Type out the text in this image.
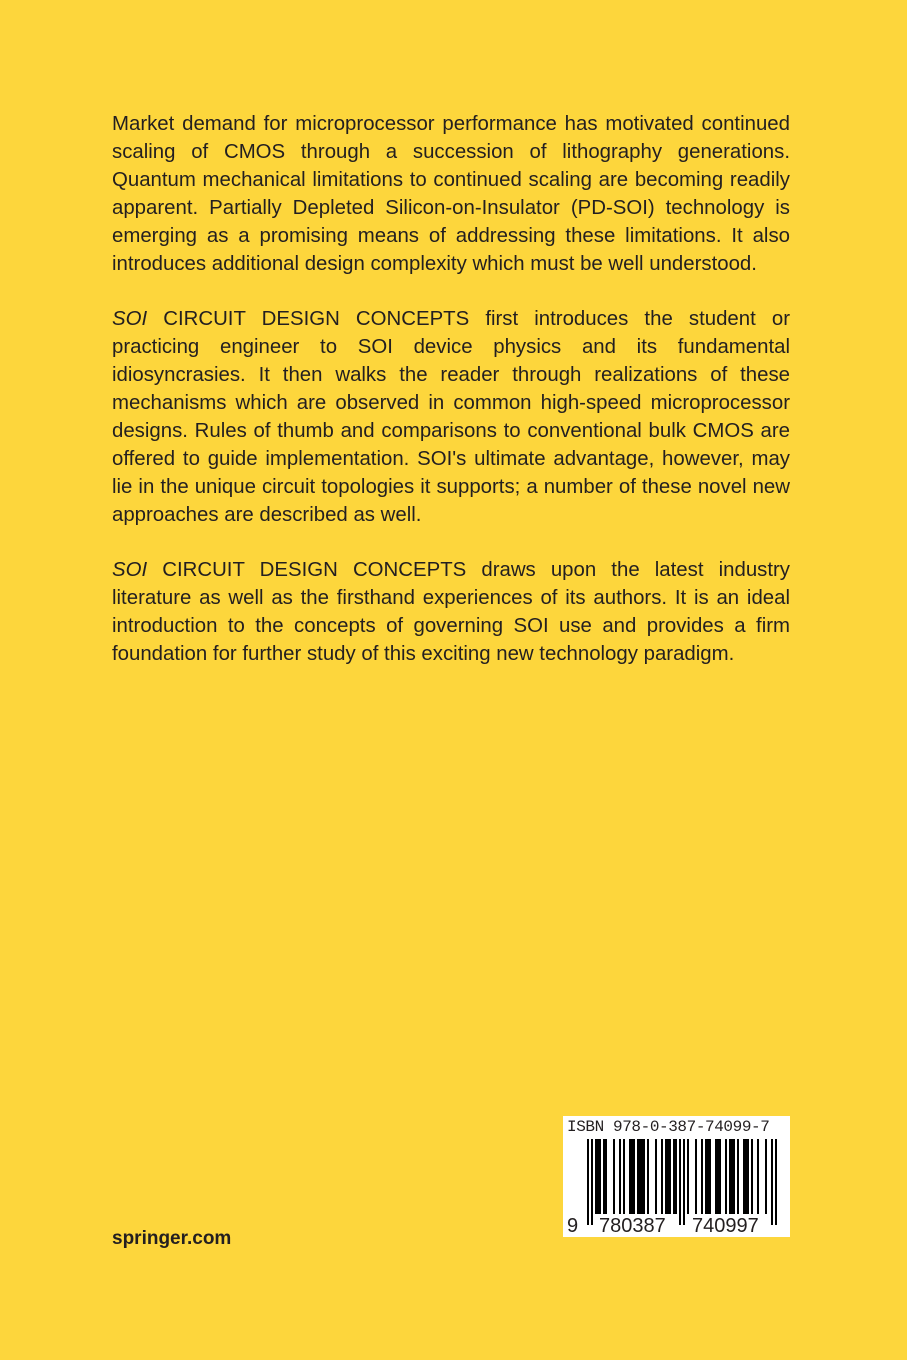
Market demand for microprocessor performance has motivated continued scaling of CMOS through a succession of lithography generations. Quantum mechanical limitations to continued scaling are becoming readily apparent. Partially Depleted Silicon-on-Insulator (PD-SOI) technology is emerging as a promising means of addressing these limitations. It also introduces additional design complexity which must be well understood.

SOI CIRCUIT DESIGN CONCEPTS first introduces the student or practicing engineer to SOI device physics and its fundamental idiosyncrasies. It then walks the reader through realizations of these mechanisms which are observed in common high-speed microprocessor designs. Rules of thumb and comparisons to conventional bulk CMOS are offered to guide implementation. SOI's ultimate advantage, however, may lie in the unique circuit topologies it supports; a number of these novel new approaches are described as well.

SOI CIRCUIT DESIGN CONCEPTS draws upon the latest industry literature as well as the firsthand experiences of its authors. It is an ideal introduction to the concepts of governing SOI use and provides a firm foundation for further study of this exciting new technology paradigm.

springer.com
ISBN 978-0-387-74099-7
9 780387 740997
